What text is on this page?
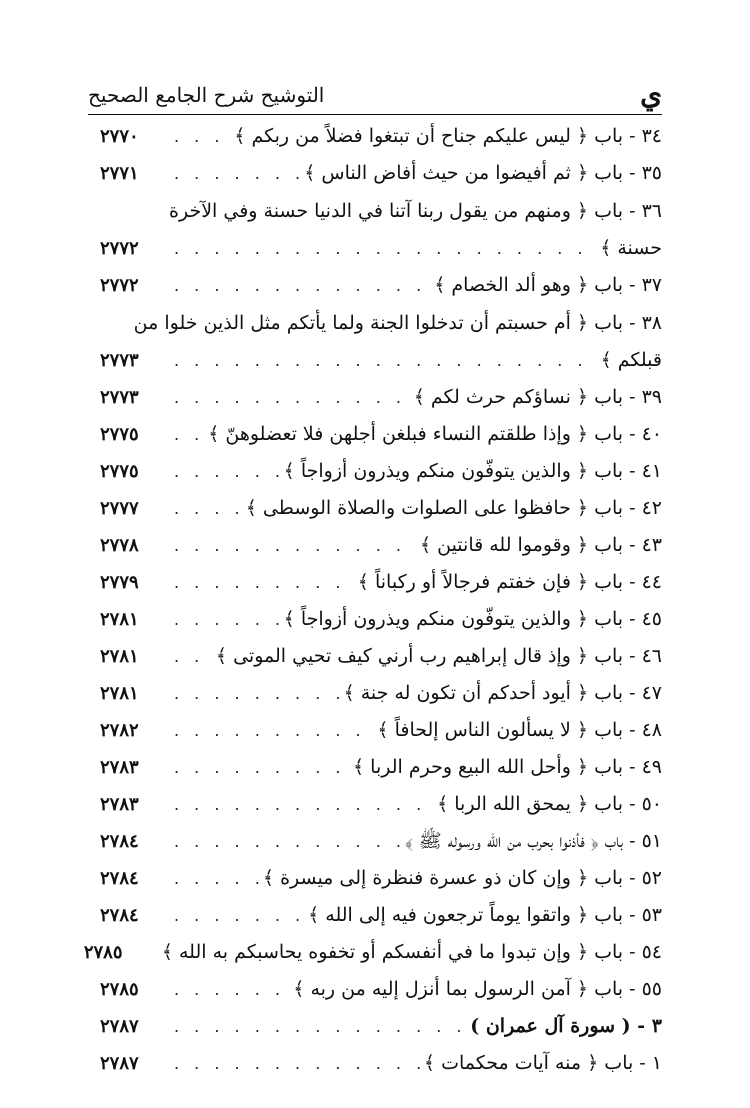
ي
التوشيح شرح الجامع الصحيح
٣٤ - باب ﴿ ليس عليكم جناح أن تبتغوا فضلاً من ربكم ﴾
. . .
٢٧٧٠
٣٥ - باب ﴿ ثم أفيضوا من حيث أفاض الناس ﴾
. . .
٢٧٧١
٣٦ - باب ﴿ ومنهم من يقول ربنا آتنا في الدنيا حسنة وفي الآخرة
حسنة ﴾
. . .
٢٧٧٢
٣٧ - باب ﴿ وهو ألد الخصام ﴾
. . .
٢٧٧٢
٣٨ - باب ﴿ أم حسبتم أن تدخلوا الجنة ولما يأتكم مثل الذين خلوا من
قبلكم ﴾
. . .
٢٧٧٣
٣٩ - باب ﴿ نساؤكم حرث لكم ﴾
. . .
٢٧٧٣
٤٠ - باب ﴿ وإذا طلقتم النساء فبلغن أجلهن فلا تعضلوهنّ ﴾
. . .
٢٧٧٥
٤١ - باب ﴿ والذين يتوفّون منكم ويذرون أزواجاً ﴾
. . .
٢٧٧٥
٤٢ - باب ﴿ حافظوا على الصلوات والصلاة الوسطى ﴾
. . .
٢٧٧٧
٤٣ - باب ﴿ وقوموا لله قانتين ﴾
. . .
٢٧٧٨
٤٤ - باب ﴿ فإن خفتم فرجالاً أو ركباناً ﴾
. . .
٢٧٧٩
٤٥ - باب ﴿ والذين يتوفّون منكم ويذرون أزواجاً ﴾
. . .
٢٧٨١
٤٦ - باب ﴿ وإذ قال إبراهيم رب أرني كيف تحيي الموتى ﴾
. . .
٢٧٨١
٤٧ - باب ﴿ أيود أحدكم أن تكون له جنة ﴾
. . .
٢٧٨١
٤٨ - باب ﴿ لا يسألون الناس إلحافاً ﴾
. . .
٢٧٨٢
٤٩ - باب ﴿ وأحل الله البيع وحرم الربا ﴾
. . .
٢٧٨٣
٥٠ - باب ﴿ يمحق الله الربا ﴾
. . .
٢٧٨٣
٥١ - باب ﴿ فأذنوا بحرب من الله ورسوله ﷺ ﴾
. . .
٢٧٨٤
٥٢ - باب ﴿ وإن كان ذو عسرة فنظرة إلى ميسرة ﴾
. . .
٢٧٨٤
٥٣ - باب ﴿ واتقوا يوماً ترجعون فيه إلى الله ﴾
. . .
٢٧٨٤
٥٤ - باب ﴿ وإن تبدوا ما في أنفسكم أو تخفوه يحاسبكم به الله ﴾
٢٧٨٥
٥٥ - باب ﴿ آمن الرسول بما أنزل إليه من ربه ﴾
. . .
٢٧٨٥
٣ - ( سورة آل عمران )
. . .
٢٧٨٧
١ - باب ﴿ منه آيات محكمات ﴾
. . .
٢٧٨٧
